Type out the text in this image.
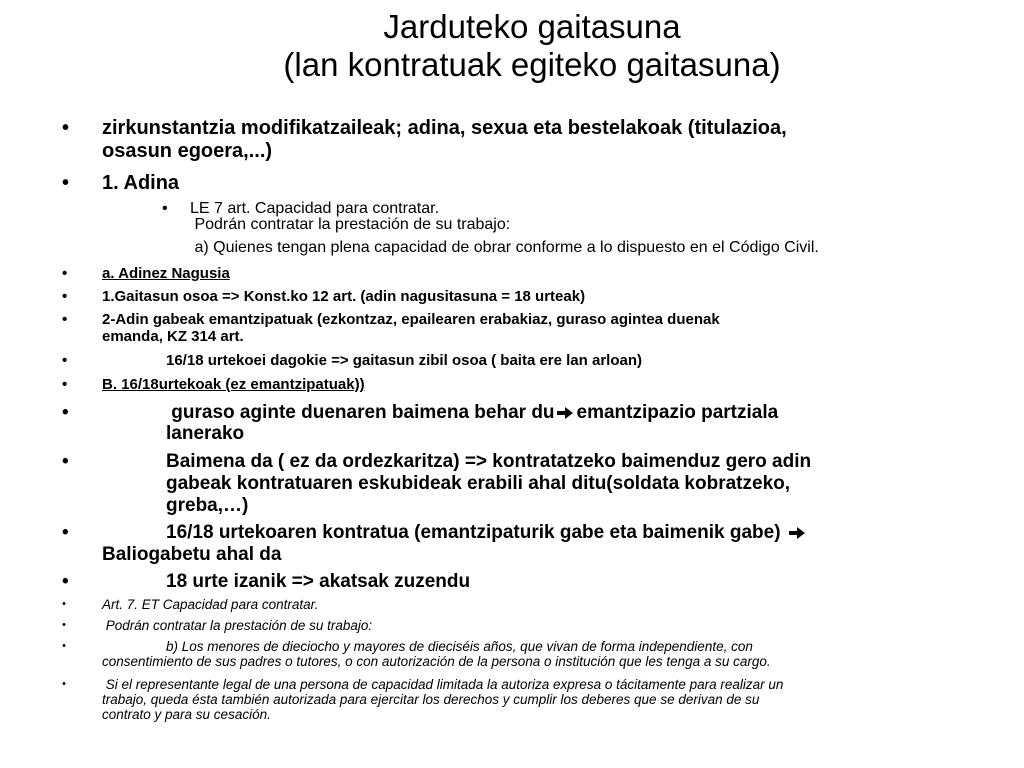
Jarduteko gaitasuna
(lan kontratuak egiteko gaitasuna)
• zirkunstantzia modifikatzaileak; adina, sexua eta bestelakoak (titulazioa,
osasun egoera,...)
• 1. Adina
• LE 7 art. Capacidad para contratar.
Podrán contratar la prestación de su trabajo:
a) Quienes tengan plena capacidad de obrar conforme a lo dispuesto en el Código Civil.
• a. Adinez Nagusia
• 1.Gaitasun osoa => Konst.ko 12 art. (adin nagusitasuna = 18 urteak)
• 2-Adin gabeak emantzipatuak (ezkontzaz, epailearen erabakiaz, guraso agintea duenak
emanda, KZ 314 art.
•	16/18 urtekoei dagokie => gaitasun zibil osoa ( baita ere lan arloan)
• B. 16/18urtekoak (ez emantzipatuak))
•	guraso aginte duenaren baimena behar du emantzipazio partziala
lanerako
•	Baimena da ( ez da ordezkaritza) => kontratatzeko baimenduz gero adin
gabeak kontratuaren eskubideak erabili ahal ditu(soldata kobratzeko,
greba,…)
•	16/18 urtekoaren kontratua (emantzipaturik gabe eta baimenik gabe)
Baliogabetu ahal da
•	18 urte izanik => akatsak zuzendu
•	Art. 7. ET Capacidad para contratar.
•	Podrán contratar la prestación de su trabajo:
•	b) Los menores de dieciocho y mayores de dieciséis años, que vivan de forma independiente, con
consentimiento de sus padres o tutores, o con autorización de la persona o institución que les tenga a su cargo.
•	Si el representante legal de una persona de capacidad limitada la autoriza expresa o tácitamente para realizar un
trabajo, queda ésta también autorizada para ejercitar los derechos y cumplir los deberes que se derivan de su
contrato y para su cesación.
